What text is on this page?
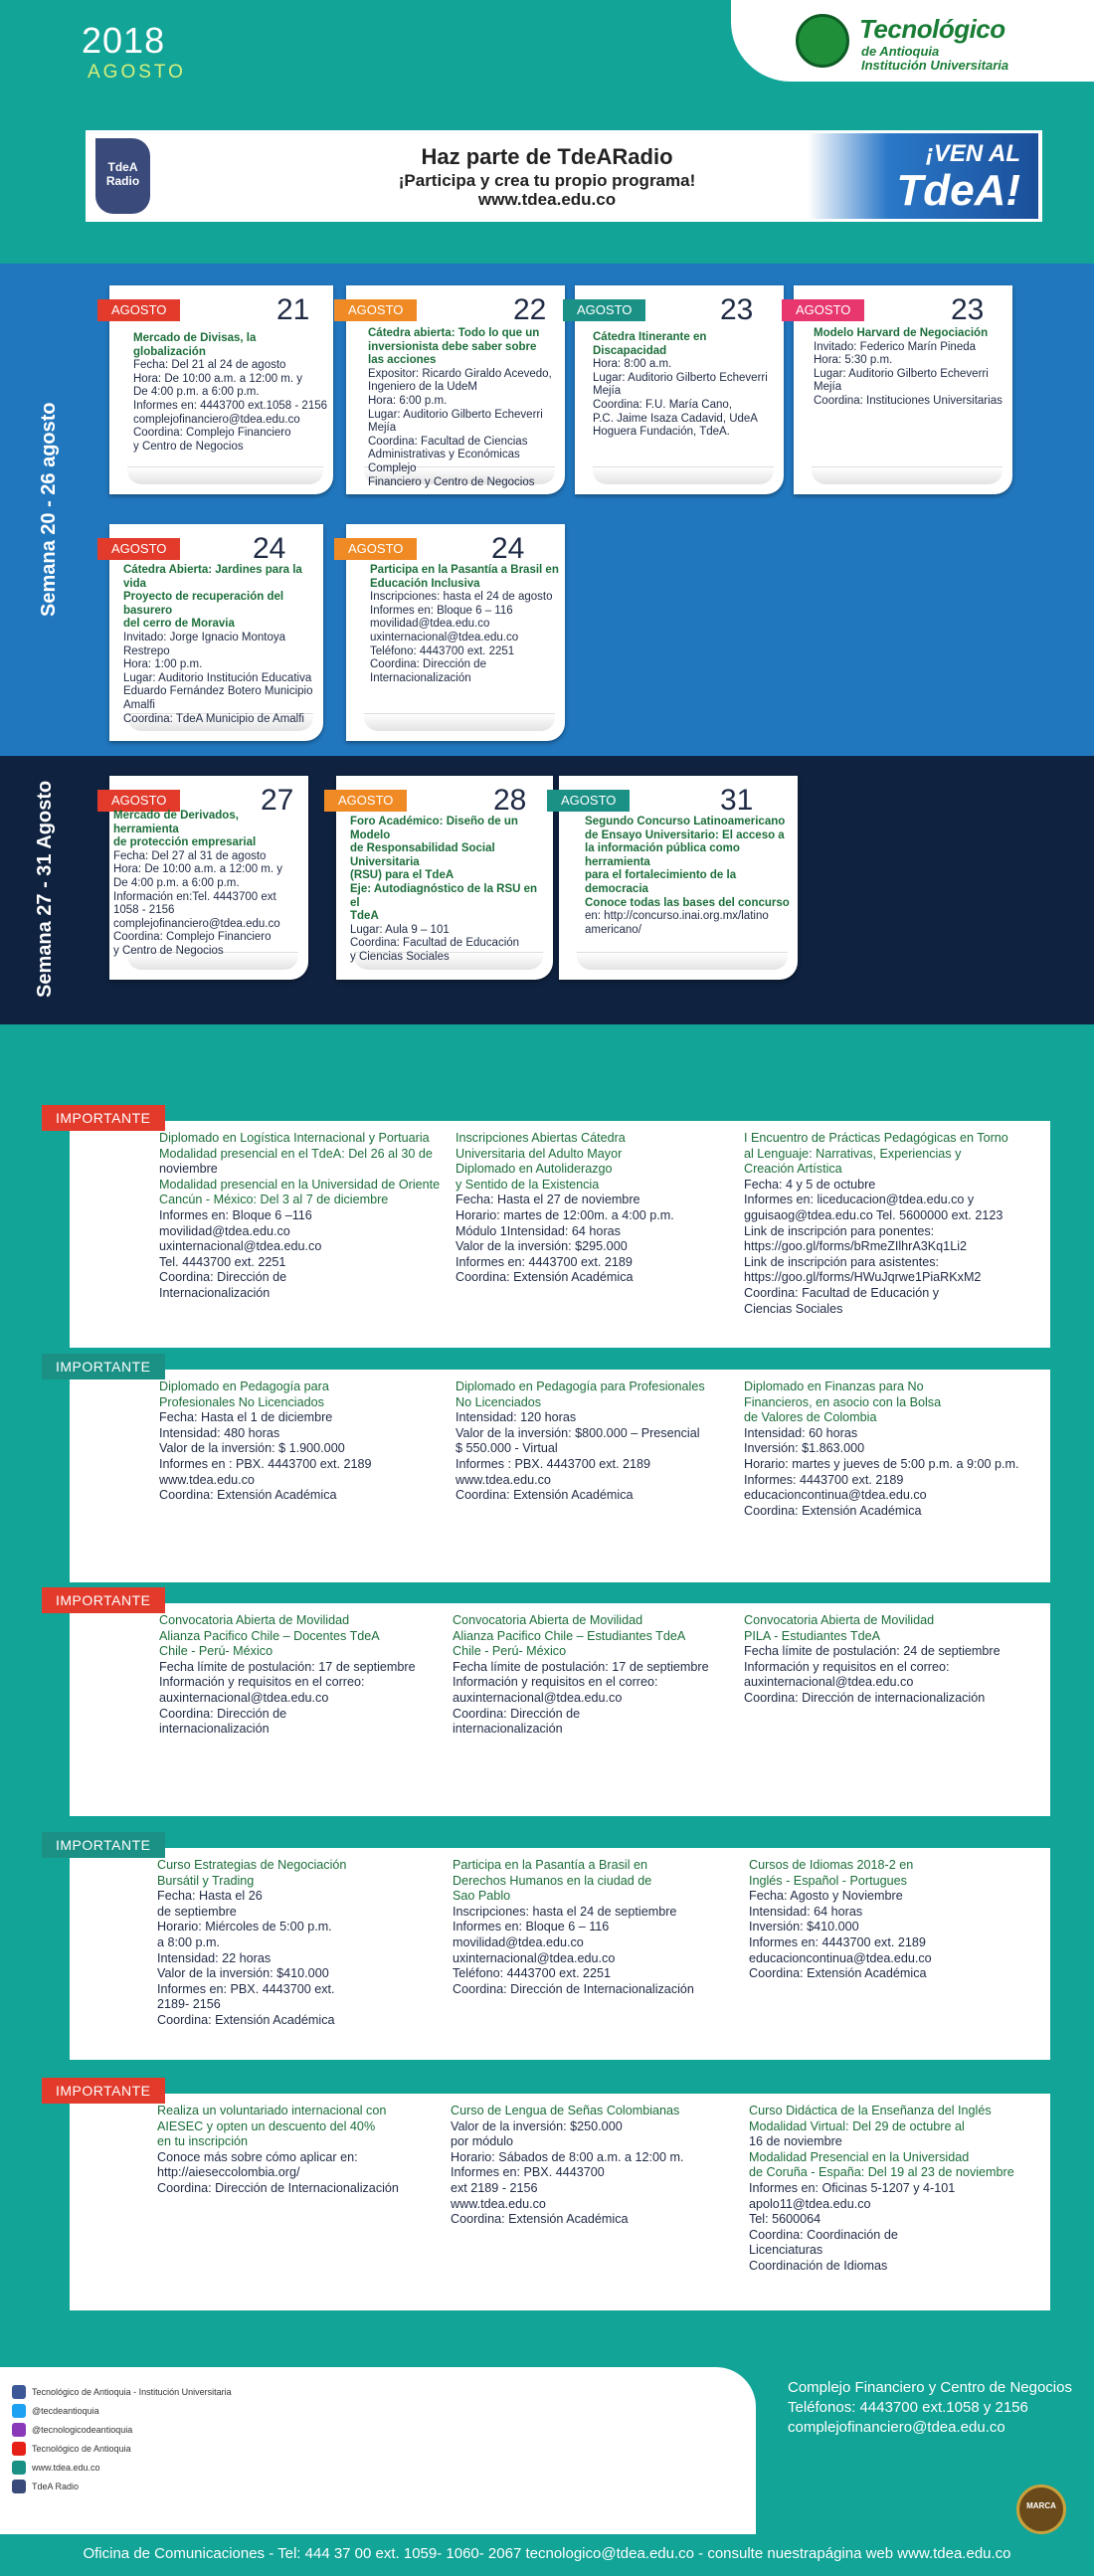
2018
AGOSTO
Tecnológico
de Antioquia
Institución Universitaria
TdeA Radio
Haz parte de TdeARadio
¡Participa y crea tu propio programa!
www.tdea.edu.co
¡VEN AL
TdeA!
Semana 20 - 26 agosto
Semana 27 - 31 Agosto
AGOSTO	21
Mercado de Divisas, la globalización
Fecha: Del 21 al 24 de agosto
Hora: De 10:00 a.m. a 12:00 m. y
De 4:00 p.m. a 6:00 p.m.
Informes en: 4443700 ext.1058 - 2156
complejofinanciero@tdea.edu.co
Coordina: Complejo Financiero
y Centro de Negocios
AGOSTO	22
Cátedra abierta: Todo lo que un
inversionista debe saber sobre
las acciones
Expositor: Ricardo Giraldo Acevedo,
Ingeniero de la UdeM
Hora: 6:00 p.m.
Lugar: Auditorio Gilberto Echeverri Mejía
Coordina: Facultad de Ciencias
Administrativas y Económicas Complejo
Financiero y Centro de Negocios
AGOSTO	23
Cátedra Itinerante en Discapacidad
Hora: 8:00 a.m.
Lugar: Auditorio Gilberto Echeverri
Mejía
Coordina: F.U. María Cano,
P.C. Jaime Isaza Cadavid, UdeA
Hoguera Fundación, TdeA.
AGOSTO	23
Modelo Harvard de Negociación
Invitado: Federico Marín Pineda
Hora: 5:30 p.m.
Lugar: Auditorio Gilberto Echeverri
Mejía
Coordina: Instituciones Universitarias
AGOSTO	24
Cátedra Abierta: Jardines para la vida
Proyecto de recuperación del basurero
del cerro de Moravia
Invitado: Jorge Ignacio Montoya
Restrepo
Hora: 1:00 p.m.
Lugar: Auditorio Institución Educativa
Eduardo Fernández Botero Municipio
Amalfi
Coordina: TdeA Municipio de Amalfi
AGOSTO	24
Participa en la Pasantía a Brasil en
Educación Inclusiva
Inscripciones: hasta el 24 de agosto
Informes en: Bloque 6 – 116
movilidad@tdea.edu.co
uxinternacional@tdea.edu.co
Teléfono: 4443700 ext. 2251
Coordina: Dirección de
Internacionalización
AGOSTO	27
Mercado de Derivados, herramienta
de protección empresarial
Fecha: Del 27 al 31 de agosto
Hora: De 10:00 a.m. a 12:00 m. y
De 4:00 p.m. a 6:00 p.m.
Información en:Tel. 4443700 ext
1058 - 2156
complejofinanciero@tdea.edu.co
Coordina: Complejo Financiero
y Centro de Negocios
AGOSTO	28
Foro Académico: Diseño de un Modelo
de Responsabilidad Social Universitaria
(RSU) para el TdeA
Eje: Autodiagnóstico de la RSU en el
TdeA
Lugar: Aula 9 – 101
Coordina: Facultad de Educación
y Ciencias Sociales
AGOSTO	31
Segundo Concurso Latinoamericano
de Ensayo Universitario: El acceso a
la información pública como herramienta
para el fortalecimiento de la democracia
Conoce todas las bases del concurso
en: http://concurso.inai.org.mx/latino
americano/
IMPORTANTE
Diplomado en Logística Internacional y Portuaria
Modalidad presencial en el TdeA: Del 26 al 30 de
noviembre
Modalidad presencial en la Universidad de Oriente
Cancún - México: Del 3 al 7 de diciembre
Informes en: Bloque 6 –116
movilidad@tdea.edu.co
uxinternacional@tdea.edu.co
Tel. 4443700 ext. 2251
Coordina: Dirección de
Internacionalización
Inscripciones Abiertas Cátedra
Universitaria del Adulto Mayor
Diplomado en Autoliderazgo
y Sentido de la Existencia
Fecha: Hasta el 27 de noviembre
Horario: martes de 12:00m. a 4:00 p.m.
Módulo 1Intensidad: 64 horas
Valor de la inversión: $295.000
Informes en: 4443700 ext. 2189
Coordina: Extensión Académica
I Encuentro de Prácticas Pedagógicas en Torno
al Lenguaje: Narrativas, Experiencias y
Creación Artística
Fecha: 4 y 5 de octubre
Informes en: liceducacion@tdea.edu.co y
gguisaog@tdea.edu.co Tel. 5600000 ext. 2123
Link de inscripción para ponentes:
https://goo.gl/forms/bRmeZIlhrA3Kq1Li2
Link de inscripción para asistentes:
https://goo.gl/forms/HWuJqrwe1PiaRKxM2
Coordina: Facultad de Educación y
Ciencias Sociales
IMPORTANTE
Diplomado en Pedagogía para
Profesionales No Licenciados
Fecha: Hasta el 1 de diciembre
Intensidad: 480 horas
Valor de la inversión: $ 1.900.000
Informes en : PBX. 4443700 ext. 2189
www.tdea.edu.co
Coordina: Extensión Académica
Diplomado en Pedagogía para Profesionales
No Licenciados
Intensidad: 120 horas
Valor de la inversión: $800.000 – Presencial
$ 550.000 - Virtual
Informes : PBX. 4443700 ext. 2189
www.tdea.edu.co
Coordina: Extensión Académica
Diplomado en Finanzas para No
Financieros, en asocio con la Bolsa
de Valores de Colombia
Intensidad: 60 horas
Inversión: $1.863.000
Horario: martes y jueves de 5:00 p.m. a 9:00 p.m.
Informes: 4443700 ext. 2189
educacioncontinua@tdea.edu.co
Coordina: Extensión Académica
IMPORTANTE
Convocatoria Abierta de Movilidad
Alianza Pacifico Chile – Docentes TdeA
Chile - Perú- México
Fecha límite de postulación: 17 de septiembre
Información y requisitos en el correo:
auxinternacional@tdea.edu.co
Coordina: Dirección de
internacionalización
Convocatoria Abierta de Movilidad
Alianza Pacifico Chile – Estudiantes TdeA
Chile - Perú- México
Fecha límite de postulación: 17 de septiembre
Información y requisitos en el correo:
auxinternacional@tdea.edu.co
Coordina: Dirección de
internacionalización
Convocatoria Abierta de Movilidad
PILA - Estudiantes TdeA
Fecha límite de postulación: 24 de septiembre
Información y requisitos en el correo:
auxinternacional@tdea.edu.co
Coordina: Dirección de internacionalización
IMPORTANTE
Curso Estrategias de Negociación
Bursátil y Trading
Fecha: Hasta el 26
de septiembre
Horario: Miércoles de 5:00 p.m.
a 8:00 p.m.
Intensidad: 22 horas
Valor de la inversión: $410.000
Informes en: PBX. 4443700 ext.
2189- 2156
Coordina: Extensión Académica
Participa en la Pasantía a Brasil en
Derechos Humanos en la ciudad de
Sao Pablo
Inscripciones: hasta el 24 de septiembre
Informes en: Bloque 6 – 116
movilidad@tdea.edu.co
uxinternacional@tdea.edu.co
Teléfono: 4443700 ext. 2251
Coordina: Dirección de Internacionalización
Cursos de Idiomas 2018-2 en
Inglés - Español - Portugues
Fecha: Agosto y Noviembre
Intensidad: 64 horas
Inversión: $410.000
Informes en: 4443700 ext. 2189
educacioncontinua@tdea.edu.co
Coordina: Extensión Académica
IMPORTANTE
Realiza un voluntariado internacional con
AIESEC y opten un descuento del 40%
en tu inscripción
Conoce más sobre cómo aplicar en:
http://aieseccolombia.org/
Coordina: Dirección de Internacionalización
Curso de Lengua de Señas Colombianas
Valor de la inversión: $250.000
por módulo
Horario: Sábados de 8:00 a.m. a 12:00 m.
Informes en: PBX. 4443700
ext 2189 - 2156
www.tdea.edu.co
Coordina: Extensión Académica
Curso Didáctica de la Enseñanza del Inglés
Modalidad Virtual: Del 29 de octubre al
16 de noviembre
Modalidad Presencial en la Universidad
de Coruña - España: Del 19 al 23 de noviembre
Informes en: Oficinas 5-1207 y 4-101
apolo11@tdea.edu.co
Tel: 5600064
Coordina: Coordinación de
Licenciaturas
Coordinación de Idiomas
Tecnológico de Antioquia - Institución Universitaria
@tecdeantioquia
@tecnologicodeantioquia
Tecnológico de Antioquia
www.tdea.edu.co
TdeA Radio
Complejo Financiero y Centro de Negocios
Teléfonos: 4443700 ext.1058 y 2156
complejofinanciero@tdea.edu.co
MARCA
Oficina de Comunicaciones - Tel: 444 37 00 ext. 1059- 1060- 2067 tecnologico@tdea.edu.co - consulte nuestrapágina web www.tdea.edu.co
